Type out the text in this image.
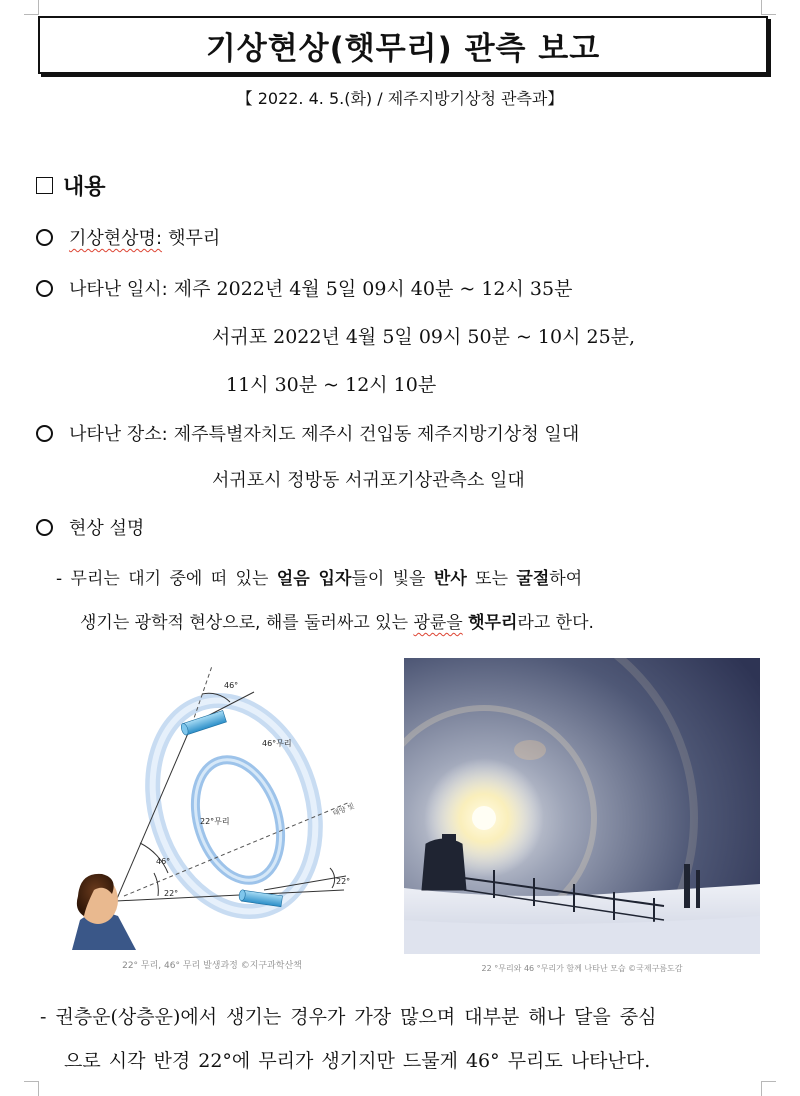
기상현상(햇무리) 관측 보고
【 2022. 4. 5.(화) / 제주지방기상청 관측과】
내용
기상현상명: 햇무리
나타난 일시: 제주 2022년 4월 5일 09시 40분 ~ 12시 35분
서귀포 2022년 4월 5일 09시 50분 ~ 10시 25분,
11시 30분 ~ 12시 10분
나타난 장소: 제주특별자치도 제주시 건입동 제주지방기상청 일대
서귀포시 정방동 서귀포기상관측소 일대
현상 설명
- 무리는 대기 중에 떠 있는 얼음 입자들이 빛을 반사 또는 굴절하여
생기는 광학적 현상으로, 해를 둘러싸고 있는 광륜을 햇무리라고 한다.
46°
46°무리
22°무리
태양 빛
46°
22°
22°
22° 무리, 46° 무리 발생과정 ©지구과학산책	22 °무리와 46 °무리가 함께 나타난 모습 ©국제구름도감
- 권층운(상층운)에서 생기는 경우가 가장 많으며 대부분 해나 달을 중심
으로 시각 반경 22°에 무리가 생기지만 드물게 46° 무리도 나타난다.
